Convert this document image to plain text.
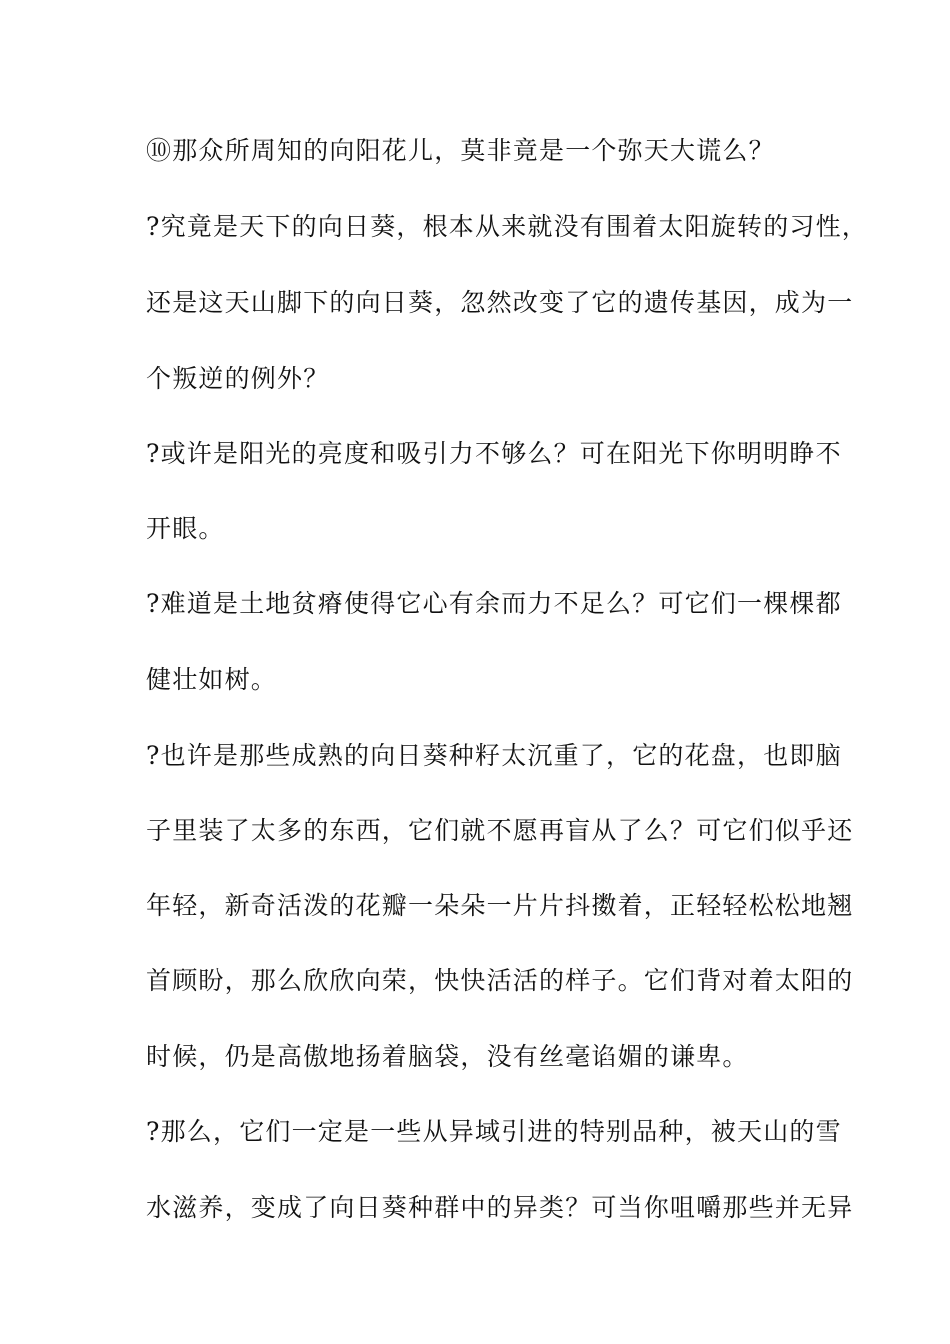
⑩那众所周知的向阳花儿，莫非竟是一个弥天大谎么？
?究竟是天下的向日葵，根本从来就没有围着太阳旋转的习性，
还是这天山脚下的向日葵，忽然改变了它的遗传基因，成为一
个叛逆的例外？
?或许是阳光的亮度和吸引力不够么？可在阳光下你明明睁不
开眼。
?难道是土地贫瘠使得它心有余而力不足么？可它们一棵棵都
健壮如树。
?也许是那些成熟的向日葵种籽太沉重了，它的花盘，也即脑
子里装了太多的东西，它们就不愿再盲从了么？可它们似乎还
年轻，新奇活泼的花瓣一朵朵一片片抖擞着，正轻轻松松地翘
首顾盼，那么欣欣向荣，快快活活的样子。它们背对着太阳的
时候，仍是高傲地扬着脑袋，没有丝毫谄媚的谦卑。
?那么，它们一定是一些从异域引进的特别品种，被天山的雪
水滋养，变成了向日葵种群中的异类？可当你咀嚼那些并无异
